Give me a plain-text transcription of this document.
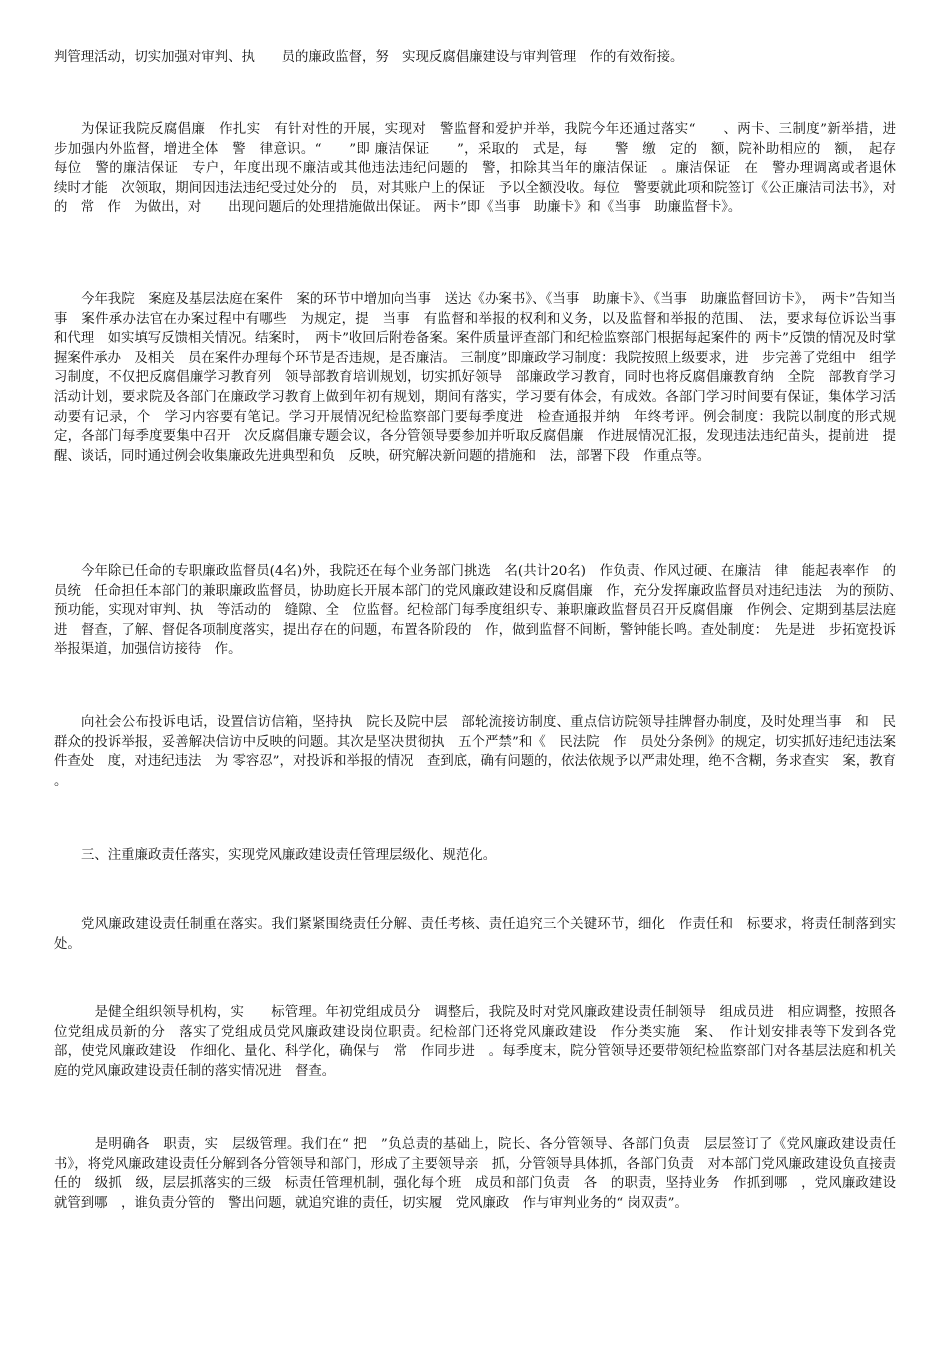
判管理活动，切实加强对审判、执　　员的廉政监督，努　实现反腐倡廉建设与审判管理　作的有效衔接。

为保证我院反腐倡廉　作扎实　有针对性的开展，实现对　警监督和爱护并举，我院今年还通过落实“　　、两卡、三制度”新举措，进　步加强内外监督，增进全体　警　律意识。“　　”即 廉洁保证　　”，采取的　式是，每　　警　缴　定的　额，院补助相应的　额，　起存　每位　警的廉洁保证　专户，年度出现不廉洁或其他违法违纪问题的　警，扣除其当年的廉洁保证　。廉洁保证　在　警办理调离或者退休　续时才能　次领取，期间因违法违纪受过处分的　员，对其账户上的保证　予以全额没收。每位　警要就此项和院签订《公正廉洁司法书》，对　　的　常　作　为做出，对　　出现问题后的处理措施做出保证。 两卡”即《当事　助廉卡》和《当事　助廉监督卡》。

今年我院　案庭及基层法庭在案件　案的环节中增加向当事　送达《办案书》、《当事　助廉卡》、《当事　助廉监督回访卡》，　两卡”告知当事　案件承办法官在办案过程中有哪些　为规定，提　当事　有监督和举报的权利和义务，以及监督和举报的范围、　法，要求每位诉讼当事　和代理　如实填写反馈相关情况。结案时，　两卡”收回后附卷备案。案件质量评查部门和纪检监察部门根据每起案件的 两卡”反馈的情况及时掌握案件承办　及相关　员在案件办理每个环节是否违规，是否廉洁。 三制度”即廉政学习制度：我院按照上级要求，进　步完善了党组中　组学习制度，不仅把反腐倡廉学习教育列　领导部教育培训规划，切实抓好领导　部廉政学习教育，同时也将反腐倡廉教育纳　全院　部教育学习活动计划，要求院及各部门在廉政学习教育上做到年初有规划，期间有落实，学习要有体会，有成效。各部门学习时间要有保证，集体学习活动要有记录，个　学习内容要有笔记。学习开展情况纪检监察部门要每季度进　检查通报并纳　年终考评。例会制度：我院以制度的形式规定，各部门每季度要集中召开　次反腐倡廉专题会议，各分管领导要参加并听取反腐倡廉　作进展情况汇报，发现违法违纪苗头，提前进　提醒、谈话，同时通过例会收集廉政先进典型和负　反映，研究解决新问题的措施和　法，部署下段　作重点等。

今年除已任命的专职廉政监督员(4名)外，我院还在每个业务部门挑选　名(共计20名)　作负责、作风过硬、在廉洁　律　能起表率作　的　员统　任命担任本部门的兼职廉政监督员，协助庭长开展本部门的党风廉政建设和反腐倡廉　作，充分发挥廉政监督员对违纪违法　为的预防、　预功能，实现对审判、执　等活动的　缝隙、全　位监督。纪检部门每季度组织专、兼职廉政监督员召开反腐倡廉　作例会、定期到基层法庭进　督查，了解、督促各项制度落实，提出存在的问题，布置各阶段的　作，做到监督不间断，警钟能长鸣。查处制度：　先是进　步拓宽投诉举报渠道，加强信访接待　作。

向社会公布投诉电话，设置信访信箱，坚持执　院长及院中层　部轮流接访制度、重点信访院领导挂牌督办制度，及时处理当事　和　民群众的投诉举报，妥善解决信访中反映的问题。其次是坚决贯彻执　五个严禁”和《　民法院　作　员处分条例》的规定，切实抓好违纪违法案件查处　度，对违纪违法　为 零容忍”，对投诉和举报的情况　查到底，确有问题的，依法依规予以严肃处理，绝不含糊，务求查实　案，教育　　。

三、注重廉政责任落实，实现党风廉政建设责任管理层级化、规范化。

党风廉政建设责任制重在落实。我们紧紧围绕责任分解、责任考核、责任追究三个关键环节，细化　作责任和　标要求，将责任制落到实处。

　是健全组织领导机构，实　　标管理。年初党组成员分　调整后，我院及时对党风廉政建设责任制领导　组成员进　相应调整，按照各位党组成员新的分　落实了党组成员党风廉政建设岗位职责。纪检部门还将党风廉政建设　作分类实施　案、　作计划安排表等下发到各党　部，使党风廉政建设　作细化、量化、科学化，确保与　常　作同步进　。每季度末，院分管领导还要带领纪检监察部门对各基层法庭和机关庭的党风廉政建设责任制的落实情况进　督查。

　是明确各　职责，实　层级管理。我们在“ 把　”负总责的基础上，院长、各分管领导、各部门负责　层层签订了《党风廉政建设责任书》，将党风廉政建设责任分解到各分管领导和部门，形成了主要领导亲　抓，分管领导具体抓，各部门负责　对本部门党风廉政建设负直接责任的　级抓　级，层层抓落实的三级　标责任管理机制，强化每个班　成员和部门负责　各　的职责，坚持业务　作抓到哪　，党风廉政建设就管到哪　，谁负责分管的　警出问题，就追究谁的责任，切实履　党风廉政　作与审判业务的“ 岗双责”。
